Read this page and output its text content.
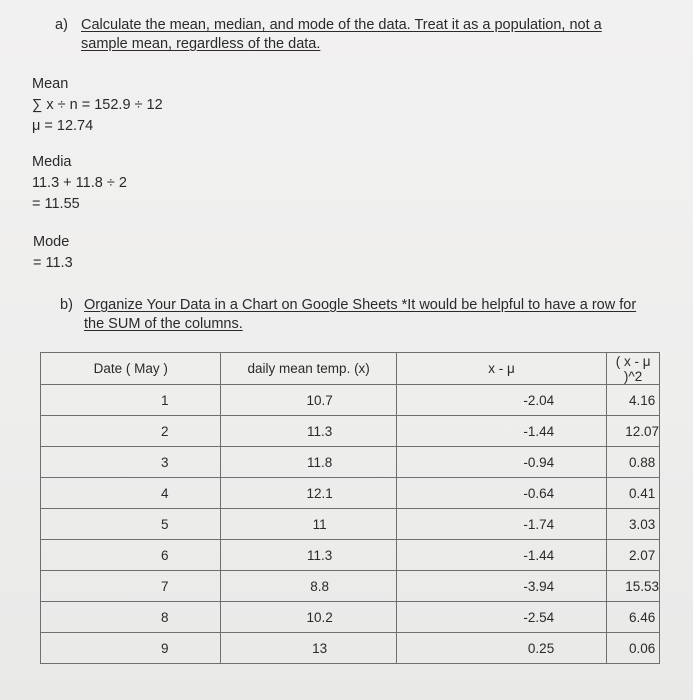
a) Calculate the mean, median, and mode of the data. Treat it as a population, not a
sample mean, regardless of the data.
Mean
∑ x ÷ n = 152.9 ÷ 12
μ = 12.74
Media
11.3 + 11.8 ÷ 2
= 11.55
Mode
= 11.3
b) Organize Your Data in a Chart on Google Sheets *It would be helpful to have a row for
the SUM of the columns.
Date ( May )	daily mean temp. (x)	x - μ	( x - μ )^2
1	10.7	-2.04	4.16
2	11.3	-1.44	12.07
3	11.8	-0.94	0.88
4	12.1	-0.64	0.41
5	11	-1.74	3.03
6	11.3	-1.44	2.07
7	8.8	-3.94	15.53
8	10.2	-2.54	6.46
9	13	0.25	0.06
